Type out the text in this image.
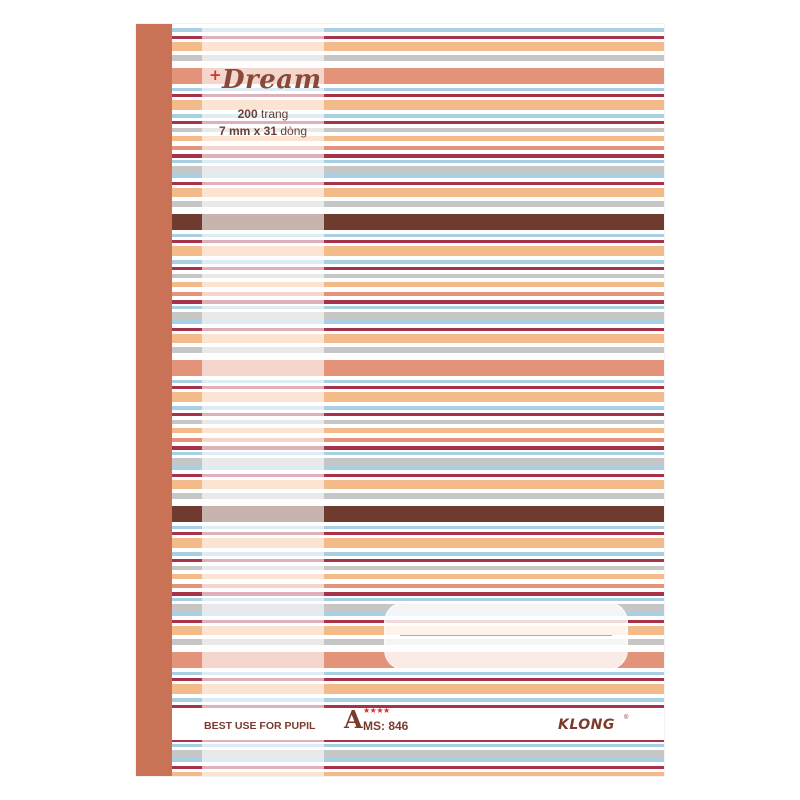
+ Dream
200 trang
7 mm x 31 dòng
BEST USE FOR PUPIL A ★★★★
MS: 846	KLONG ®
